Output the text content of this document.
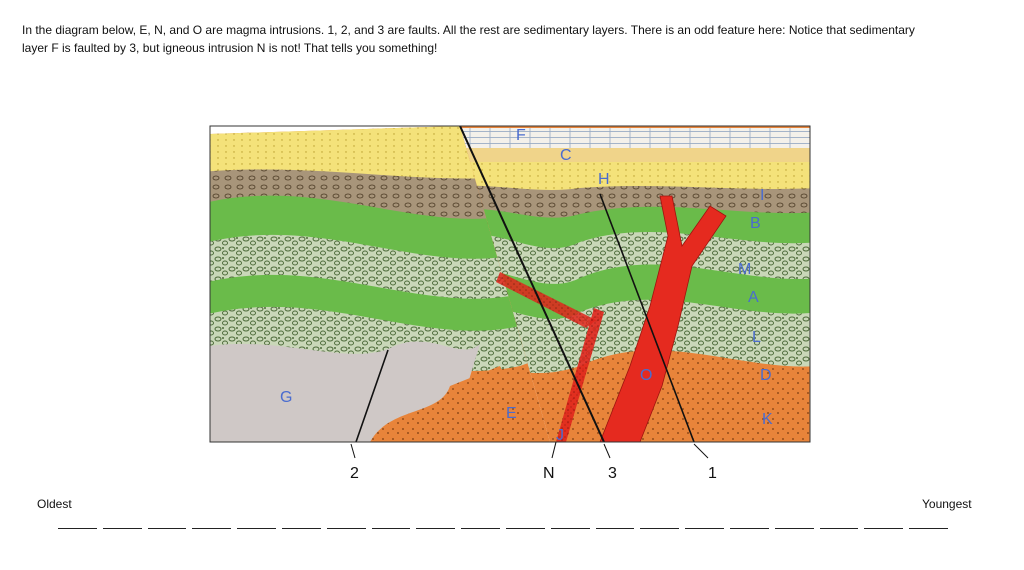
In the diagram below, E, N, and O are magma intrusions. 1, 2, and 3 are faults. All the rest are sedimentary layers. There is an odd feature here: Notice that sedimentary
layer F is faulted by 3, but igneous intrusion N is not! That tells you something!
F
C
H
I
B
M
A
L
D
K
O
G
E
J
2	N	3	1
Oldest	Youngest
